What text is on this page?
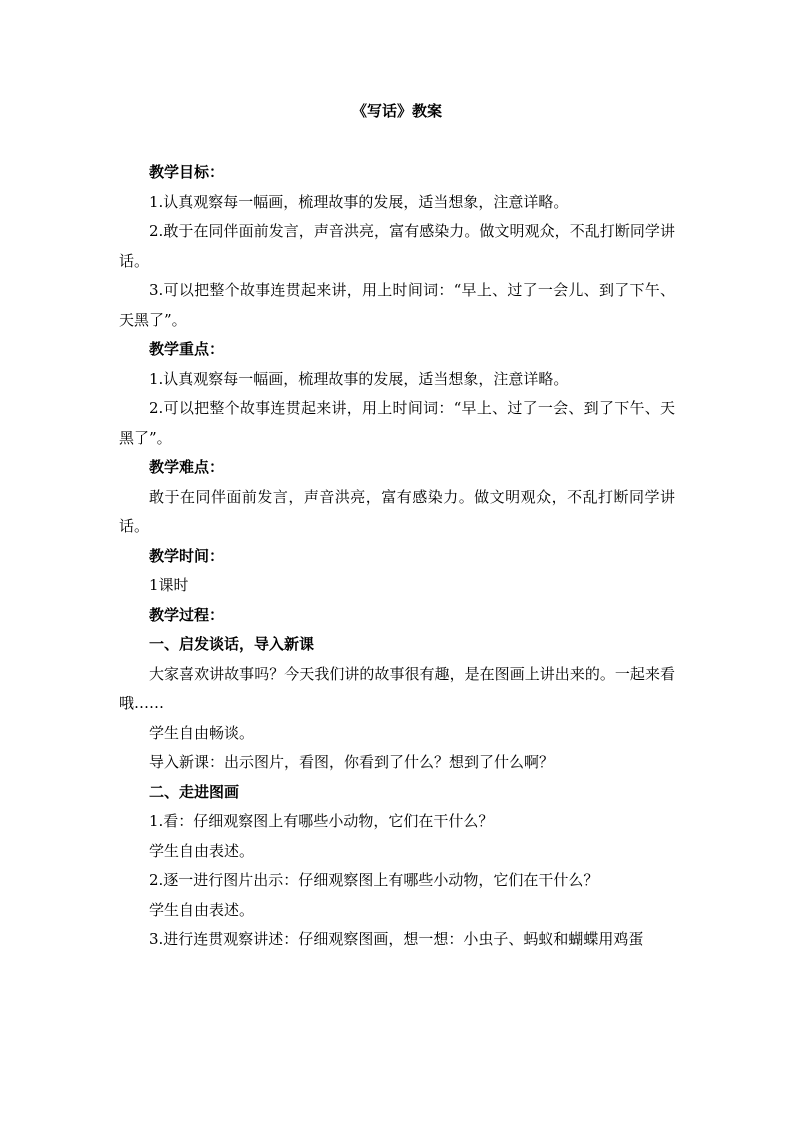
《写话》教案

教学目标：

1.认真观察每一幅画，梳理故事的发展，适当想象，注意详略。

2.敢于在同伴面前发言，声音洪亮，富有感染力。做文明观众，不乱打断同学讲话。

3.可以把整个故事连贯起来讲，用上时间词：“早上、过了一会儿、到了下午、天黑了”。

教学重点：

1.认真观察每一幅画，梳理故事的发展，适当想象，注意详略。

2.可以把整个故事连贯起来讲，用上时间词：“早上、过了一会、到了下午、天黑了”。

教学难点：

敢于在同伴面前发言，声音洪亮，富有感染力。做文明观众，不乱打断同学讲话。

教学时间：

1课时

教学过程：

一、启发谈话，导入新课

大家喜欢讲故事吗？今天我们讲的故事很有趣，是在图画上讲出来的。一起来看哦……

学生自由畅谈。

导入新课：出示图片，看图，你看到了什么？想到了什么啊？

二、走进图画

1.看：仔细观察图上有哪些小动物，它们在干什么？

学生自由表述。

2.逐一进行图片出示：仔细观察图上有哪些小动物，它们在干什么？

学生自由表述。

3.进行连贯观察讲述：仔细观察图画，想一想：小虫子、蚂蚁和蝴蝶用鸡蛋
